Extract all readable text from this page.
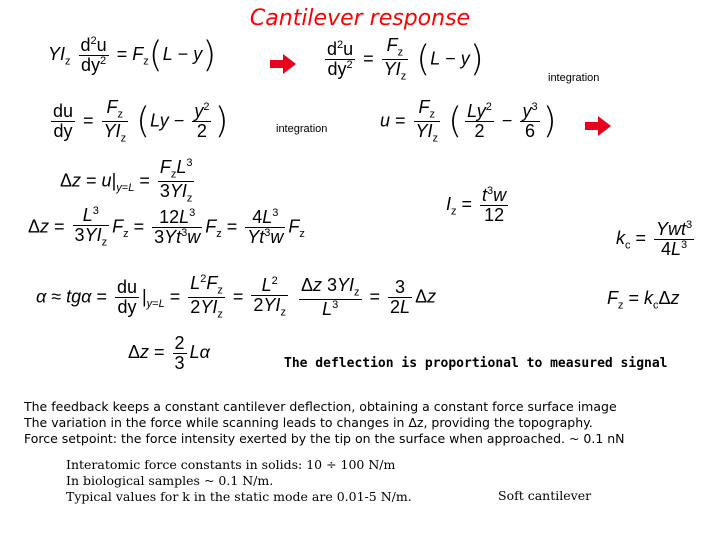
Cantilever response
$YI_z \frac{d^2u}{dy^2} = F_z(L - y)$	$\frac{d^2u}{dy^2} = \frac{F_z}{YI_z} (L - y)$	integration
$\frac{du}{dy} = \frac{F_z}{YI_z} (Ly - \frac{y^2}{2}$ )	integration	$u = \frac{F_z}{YI_z}$ ( $\frac{Ly^2}{2} - \frac{y^3}{6}$ )
$\Delta z = u|_{y=L} = \frac{F_zL^3}{3YI_z}$	$I_z = \frac{t^3w}{12}$
$\Delta z = \frac{L^3}{3YI_z} F_z = \frac{12L^3}{3Yt^3w} F_z = \frac{4L^3}{Yt^3w} F_z$	$k_c = \frac{Ywt^3}{4L^3}$
$\alpha \approx tg\alpha = \frac{du}{dy} |_{y=L} = \frac{L^2F_z}{2YI_z} = \frac{L^2}{2YI_z}$
$\frac{\Delta z 3YI_z}{L^3} = \frac{3}{2L}$ Δz	$F_z = k_c\Delta z$
$\Delta z = \frac{2}{3}$ Lα
The deflection is proportional to measured signal
The feedback keeps a constant cantilever deflection, obtaining a constant force surface image
The variation in the force while scanning leads to changes in Δz, providing the topography.
Force setpoint: the force intensity exerted by the tip on the surface when approached. ~ 0.1 nN
Interatomic force constants in solids: 10 ÷ 100 N/m
In biological samples ~ 0.1 N/m.
Typical values for k in the static mode are 0.01-5 N/m.	Soft cantilever
